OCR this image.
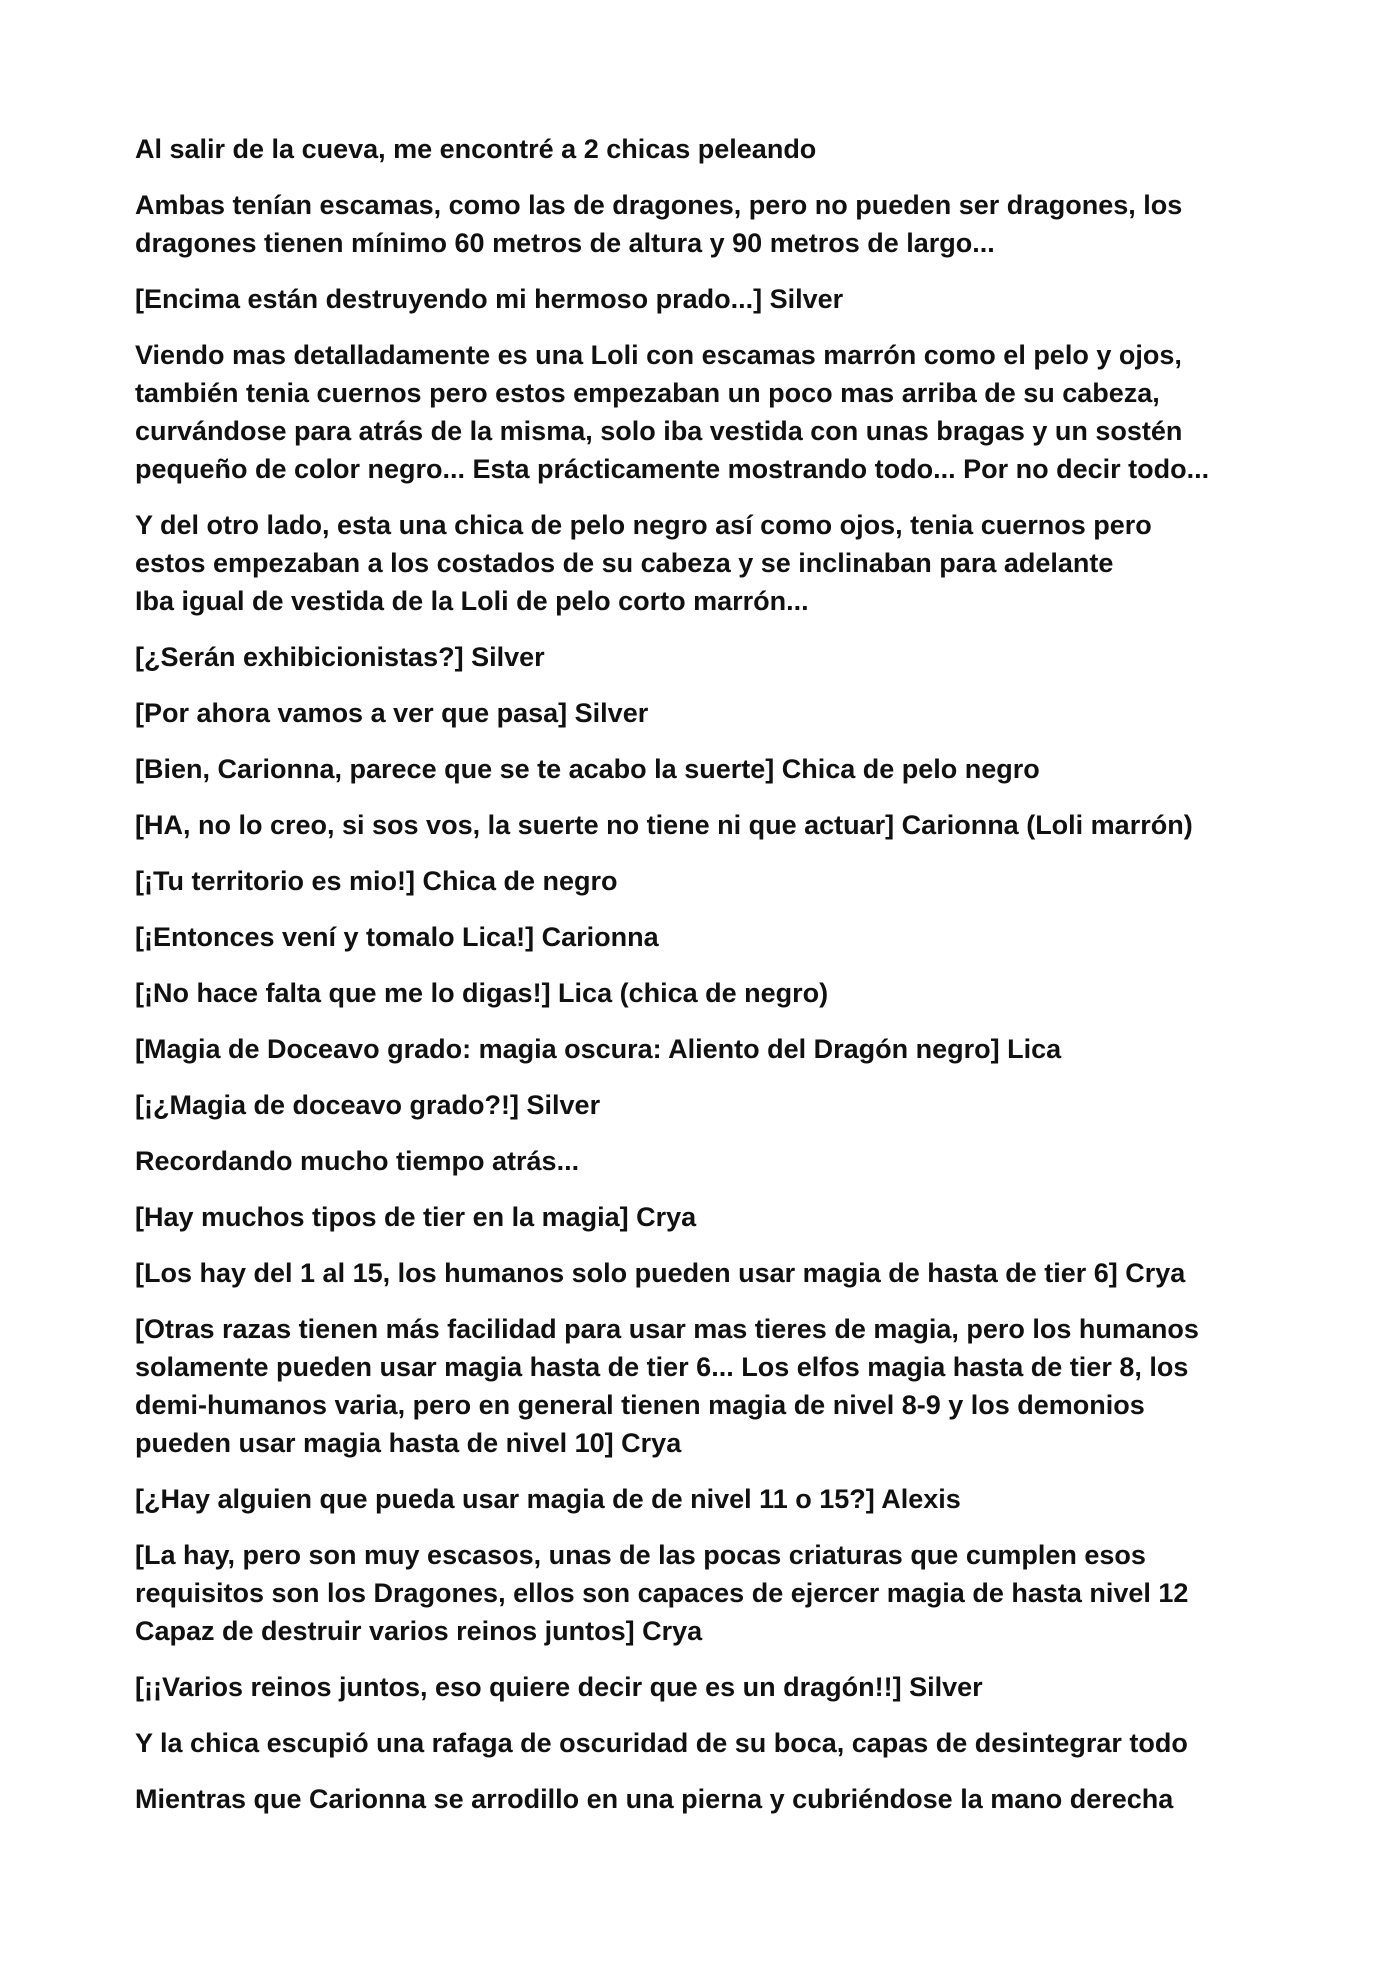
Al salir de la cueva, me encontré a 2 chicas peleando

Ambas tenían escamas, como las de dragones, pero no pueden ser dragones, los
dragones tienen mínimo 60 metros de altura y 90 metros de largo...

[Encima están destruyendo mi hermoso prado...] Silver

Viendo mas detalladamente es una Loli con escamas marrón como el pelo y ojos,
también tenia cuernos pero estos empezaban un poco mas arriba de su cabeza,
curvándose para atrás de la misma, solo iba vestida con unas bragas y un sostén
pequeño de color negro... Esta prácticamente mostrando todo... Por no decir todo...

Y del otro lado, esta una chica de pelo negro así como ojos, tenia cuernos pero
estos empezaban a los costados de su cabeza y se inclinaban para adelante
Iba igual de vestida de la Loli de pelo corto marrón...

[¿Serán exhibicionistas?] Silver

[Por ahora vamos a ver que pasa] Silver

[Bien, Carionna, parece que se te acabo la suerte] Chica de pelo negro

[HA, no lo creo, si sos vos, la suerte no tiene ni que actuar] Carionna (Loli marrón)

[¡Tu territorio es mio!] Chica de negro

[¡Entonces vení y tomalo Lica!] Carionna

[¡No hace falta que me lo digas!] Lica (chica de negro)

[Magia de Doceavo grado: magia oscura: Aliento del Dragón negro] Lica

[¡¿Magia de doceavo grado?!] Silver

Recordando mucho tiempo atrás...

[Hay muchos tipos de tier en la magia] Crya

[Los hay del 1 al 15, los humanos solo pueden usar magia de hasta de tier 6] Crya

[Otras razas tienen más facilidad para usar mas tieres de magia, pero los humanos
solamente pueden usar magia hasta de tier 6... Los elfos magia hasta de tier 8, los
demi-humanos varia, pero en general tienen magia de nivel 8-9 y los demonios
pueden usar magia hasta de nivel 10] Crya

[¿Hay alguien que pueda usar magia de de nivel 11 o 15?] Alexis

[La hay, pero son muy escasos, unas de las pocas criaturas que cumplen esos
requisitos son los Dragones, ellos son capaces de ejercer magia de hasta nivel 12
Capaz de destruir varios reinos juntos] Crya

[¡¡Varios reinos juntos, eso quiere decir que es un dragón!!] Silver

Y la chica escupió una rafaga de oscuridad de su boca, capas de desintegrar todo

Mientras que Carionna se arrodillo en una pierna y cubriéndose la mano derecha
